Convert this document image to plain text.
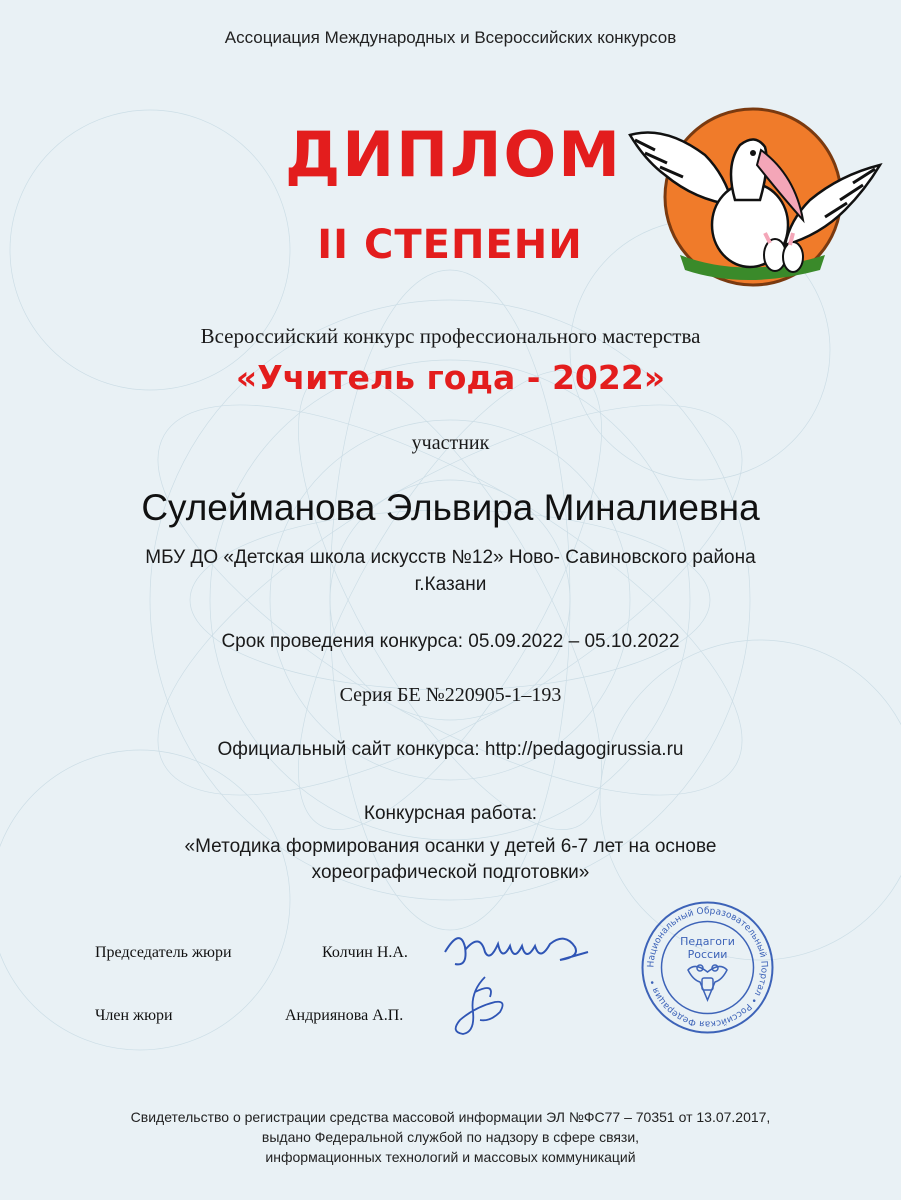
Ассоциация Международных и Всероссийских конкурсов
ДИПЛОМ
II СТЕПЕНИ
Всероссийский конкурс профессионального мастерства
«Учитель года - 2022»
участник
Сулейманова Эльвира Миналиевна
МБУ ДО «Детская школа искусств №12» Ново- Савиновского района
г.Казани
Срок проведения конкурса: 05.09.2022 – 05.10.2022
Серия БЕ №220905-1–193
Официальный сайт конкурса: http://pedagogirussia.ru
Конкурсная работа:
«Методика формирования осанки у детей 6-7 лет на основе
хореографической подготовки»
Председатель жюри	Колчин Н.А.
Член жюри	Андриянова А.П.
Национальный Образовательный Портал • Российская Федерация •
Педагоги
России
Свидетельство о регистрации средства массовой информации ЭЛ №ФС77 – 70351 от 13.07.2017,
выдано Федеральной службой по надзору в сфере связи,
информационных технологий и массовых коммуникаций
